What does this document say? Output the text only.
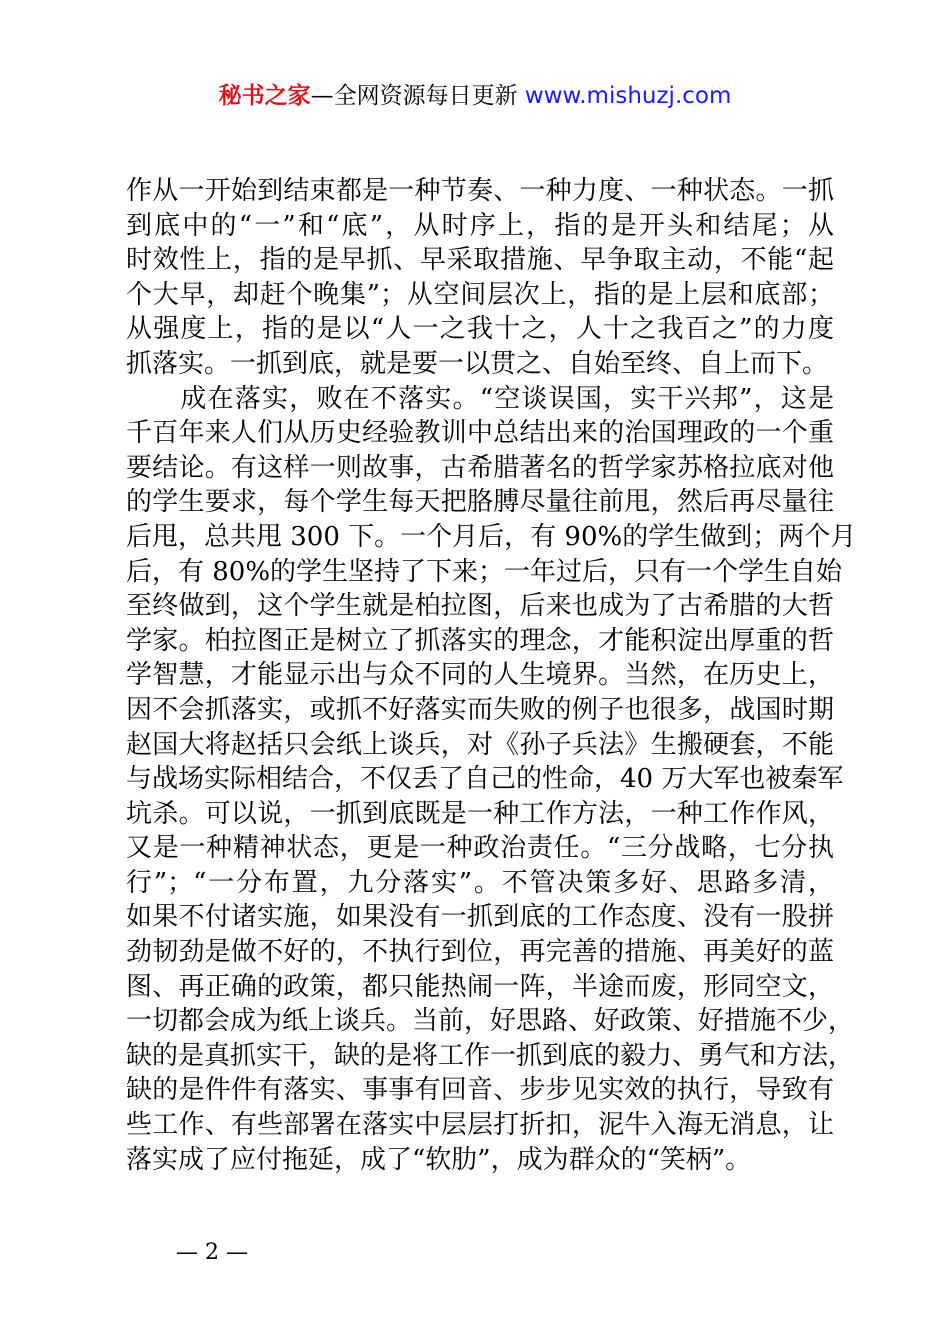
秘书之家—全网资源每日更新 www.mishuzj.com
作从一开始到结束都是一种节奏、一种力度、一种状态。一抓
到底中的“一”和“底”，从时序上，指的是开头和结尾；从
时效性上，指的是早抓、早采取措施、早争取主动，不能“起
个大早，却赶个晚集”；从空间层次上，指的是上层和底部；
从强度上，指的是以“人一之我十之，人十之我百之”的力度
抓落实。一抓到底，就是要一以贯之、自始至终、自上而下。
　　成在落实，败在不落实。“空谈误国，实干兴邦”，这是
千百年来人们从历史经验教训中总结出来的治国理政的一个重
要结论。有这样一则故事，古希腊著名的哲学家苏格拉底对他
的学生要求，每个学生每天把胳膊尽量往前甩，然后再尽量往
后甩，总共甩 300 下。一个月后，有 90%的学生做到；两个月
后，有 80%的学生坚持了下来；一年过后，只有一个学生自始
至终做到，这个学生就是柏拉图，后来也成为了古希腊的大哲
学家。柏拉图正是树立了抓落实的理念，才能积淀出厚重的哲
学智慧，才能显示出与众不同的人生境界。当然，在历史上，
因不会抓落实，或抓不好落实而失败的例子也很多，战国时期
赵国大将赵括只会纸上谈兵，对《孙子兵法》生搬硬套，不能
与战场实际相结合，不仅丢了自己的性命，40 万大军也被秦军
坑杀。可以说，一抓到底既是一种工作方法，一种工作作风，
又是一种精神状态，更是一种政治责任。“三分战略，七分执
行”；“一分布置，九分落实”。不管决策多好、思路多清，
如果不付诸实施，如果没有一抓到底的工作态度、没有一股拼
劲韧劲是做不好的，不执行到位，再完善的措施、再美好的蓝
图、再正确的政策，都只能热闹一阵，半途而废，形同空文，
一切都会成为纸上谈兵。当前，好思路、好政策、好措施不少，
缺的是真抓实干，缺的是将工作一抓到底的毅力、勇气和方法，
缺的是件件有落实、事事有回音、步步见实效的执行，导致有
些工作、有些部署在落实中层层打折扣，泥牛入海无消息，让
落实成了应付拖延，成了“软肋”，成为群众的“笑柄”。
— 2 —
